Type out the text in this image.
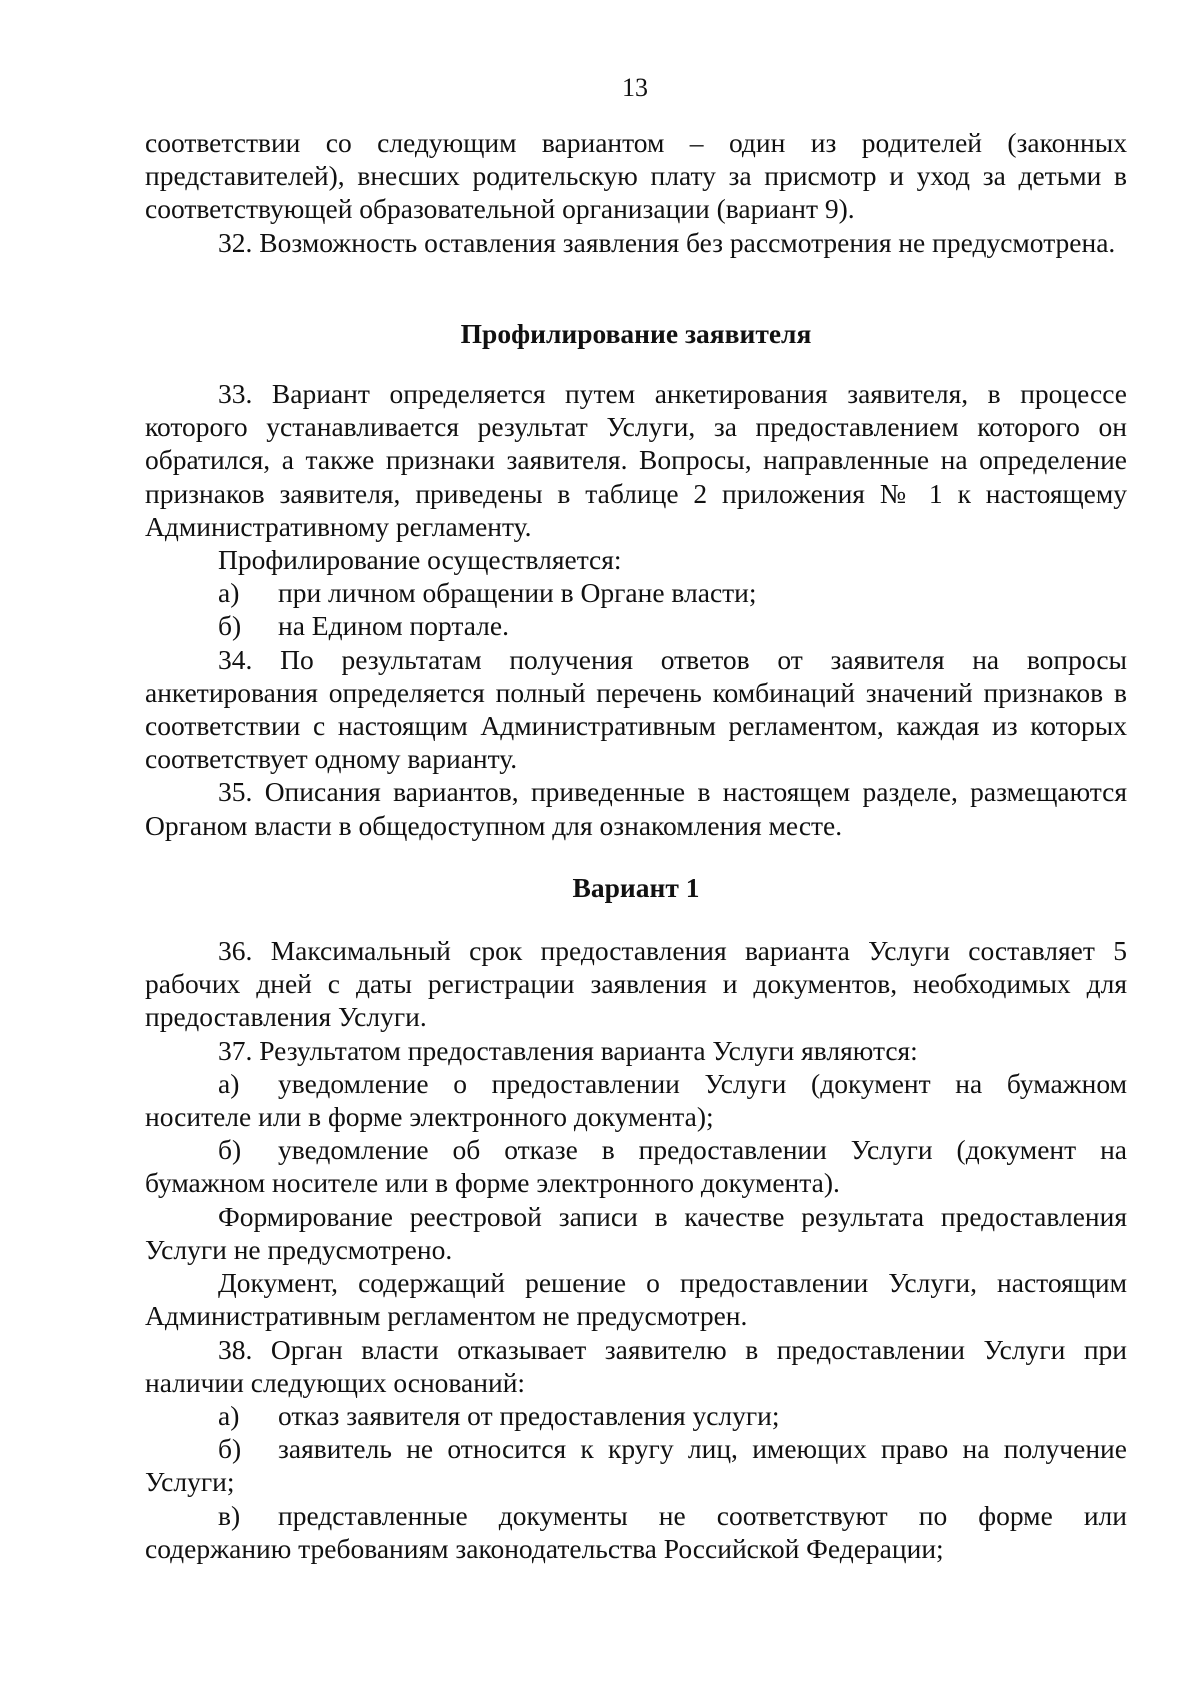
13

соответствии со следующим вариантом – один из родителей (законных представителей), внесших родительскую плату за присмотр и уход за детьми в соответствующей образовательной организации (вариант 9).

32. Возможность оставления заявления без рассмотрения не предусмотрена.

Профилирование заявителя

33. Вариант определяется путем анкетирования заявителя, в процессе которого устанавливается результат Услуги, за предоставлением которого он обратился, а также признаки заявителя. Вопросы, направленные на определение признаков заявителя, приведены в таблице 2 приложения № 1 к настоящему Административному регламенту.

Профилирование осуществляется:

а) при личном обращении в Органе власти;

б) на Едином портале.

34. По результатам получения ответов от заявителя на вопросы анкетирования определяется полный перечень комбинаций значений признаков в соответствии с настоящим Административным регламентом, каждая из которых соответствует одному варианту.

35. Описания вариантов, приведенные в настоящем разделе, размещаются Органом власти в общедоступном для ознакомления месте.

Вариант 1

36. Максимальный срок предоставления варианта Услуги составляет 5 рабочих дней с даты регистрации заявления и документов, необходимых для предоставления Услуги.

37. Результатом предоставления варианта Услуги являются:

а) уведомление о предоставлении Услуги (документ на бумажном носителе или в форме электронного документа);

б) уведомление об отказе в предоставлении Услуги (документ на бумажном носителе или в форме электронного документа).

Формирование реестровой записи в качестве результата предоставления Услуги не предусмотрено.

Документ, содержащий решение о предоставлении Услуги, настоящим Административным регламентом не предусмотрен.

38. Орган власти отказывает заявителю в предоставлении Услуги при наличии следующих оснований:

а) отказ заявителя от предоставления услуги;

б) заявитель не относится к кругу лиц, имеющих право на получение Услуги;

в) представленные документы не соответствуют по форме или содержанию требованиям законодательства Российской Федерации;
